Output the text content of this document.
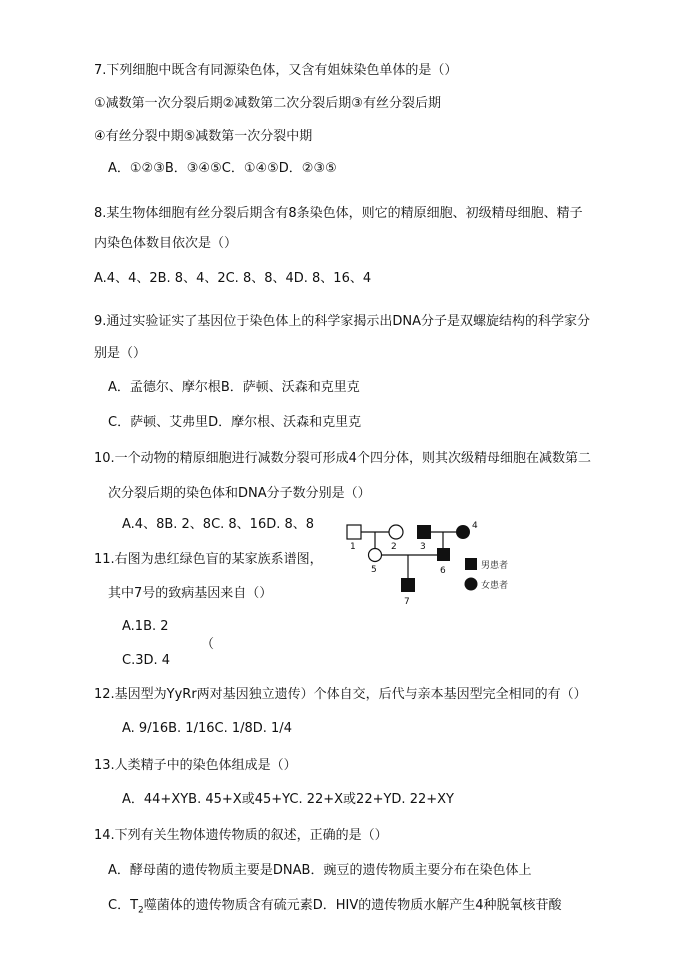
7.下列细胞中既含有同源染色体，又含有姐妹染色单体的是（）
①减数第一次分裂后期②减数第二次分裂后期③有丝分裂后期
④有丝分裂中期⑤减数第一次分裂中期
A．①②③B．③④⑤C．①④⑤D．②③⑤
8.某生物体细胞有丝分裂后期含有8条染色体，则它的精原细胞、初级精母细胞、精子
内染色体数目依次是（）
A.4、4、2B. 8、4、2C. 8、8、4D. 8、16、4
9.通过实验证实了基因位于染色体上的科学家揭示出DNA分子是双螺旋结构的科学家分
别是（）
A．孟德尔、摩尔根B．萨顿、沃森和克里克
C．萨顿、艾弗里D．摩尔根、沃森和克里克
10.一个动物的精原细胞进行减数分裂可形成4个四分体，则其次级精母细胞在减数第二
次分裂后期的染色体和DNA分子数分别是（）
A.4、8B. 2、8C. 8、16D. 8、8
11.右图为患红绿色盲的某家族系谱图，
其中7号的致病基因来自（）
A.1B. 2
（
C.3D. 4
1	2	3
4
5	6
7
男患者
女患者
12.基因型为YyRr两对基因独立遗传）个体自交，后代与亲本基因型完全相同的有（）
A. 9/16B. 1/16C. 1/8D. 1/4
13.人类精子中的染色体组成是（）
A．44+XYB. 45+X或45+YC. 22+X或22+YD. 22+XY
14.下列有关生物体遗传物质的叙述，正确的是（）
A．酵母菌的遗传物质主要是DNAB．豌豆的遗传物质主要分布在染色体上
C．$T_2$噬菌体的遗传物质含有硫元素D．HIV的遗传物质水解产生4种脱氧核苷酸
